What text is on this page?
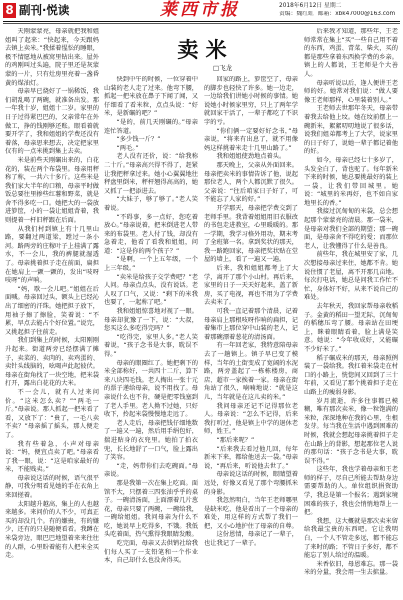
8 副刊·悦读	莱西市报	2018年6月12日 星期二
责编：魏红虹 邮箱：xbk47000@163.com
卖 米
□飞龙

天刚蒙蒙亮，母亲就把我和姐姐叫了起来：“快起来，今天跟妈去镇上卖米。”我揉着惺忪的睡眼，极不情愿地从被窝里钻出来。屋外的鸡刚叫过头遍，院子里还是灰蒙蒙的一片，只有灶房里亮着一盏昏黄的煤油灯。

母亲早已烧好了一锅稀饭，我们胡乱喝了两碗，就准备出发。那一年我十岁，姐姐十二岁。家里的日子过得紧巴巴的，父亲常年在外做工，挣的钱刚够还账。眼看着就要开学了，我和姐姐的学费还没有着落，母亲思来想去，决定把家里仅有的一点米挑到集上去卖。

米是前些天刚碾出来的，白花花的，装在两个布袋里。母亲用秤称了称，一共六十多斤。这些米是我们家大半年的口粮，母亲平时做饭总要往里掺些红薯和野菜，就是舍不得多吃一口。她把大的一袋放进箩筐，小的一袋让姐姐背着，我则提着一杆旧秤跟在后面。

从我们村到镇上有十几里山路，要翻过两道梁，蹚过一条小河。路两旁的庄稼叶子上挂满了露水，不一会儿，我的裤腿就湿透了。母亲挑着担子走在前面，扁担在她肩上一颤一颤的，发出“吱呀吱呀”的声响。

“妈，歇一会儿吧。”姐姐在后面喊。母亲回过头，额头上已经沁出了细密的汗珠。她把担子放下，用袖子擦了擦脸，笑着说：“不累，早点去能占个好位置。”说完，又挑起担子往前走。

我们到集上的时候，太阳刚刚升起来。街道两旁已经摆满了摊子，卖菜的、卖肉的、卖鸡蛋的、卖针头线脑的，吆喝声此起彼伏。母亲在街角找了一块空地，把米袋打开，露出白花花的大米。

不一会儿，就有人过来问价。“这米怎么卖？”“两毛一斤。”母亲说。那人抓起一把米看了看，又放下了：“贵了，一毛八卖不卖？”母亲摇了摇头，那人便走了。

我有些着急，小声对母亲说：“妈，便宜点卖了吧。”母亲看了我一眼，说：“这是咱家最好的米，不能贱卖。”

母亲说这话的时候，语气很平静，可我分明看见她的手在衣角上来回搓着。

太阳越升越高，集上的人也越来越多。来问价的人不少，可真正买的却没几个。有的嫌贵，有的嫌少，还有的只是随便看看。我蹲在米袋旁边，眼巴巴地望着来来往往的人群，心里盼着能有人把米全买走。

快到中午的时候，一位穿着中山装的老人走了过来。他弯下腰，抓起一把米放在鼻子下闻了闻，又仔细看了看米粒，点点头说：“好米，是新碾的吧？”

“是的，前几天刚碾的。”母亲连忙答道。

“多少钱一斤？”

“两毛。”

老人没有还价，说：“给我称二十斤。”母亲高兴得不得了，赶紧让我把秤拿过来。她小心翼翼地往秤盘里倒米，秤杆翘得高高的，她又抓了一把添进去。

“大妹子，够了够了。”老人笑着说。

“不碍事，多一点好，您吃着放心。”母亲说着，把米倒进老人带来的布袋里。老人付了钱，却没有急着走，他看了看我和姐姐，问道：“这是你的两个孩子？”

“是啊，一个上五年级，一个上三年级。”

“卖米是给孩子交学费吧？”老人问。母亲点点头，没有说话。老人叹了口气，又说：“剩下的米我也要了，一起称了吧。”

我和姐姐惊喜地对视了一眼。母亲却犹豫了一下，说：“大叔，您买这么多吃得完吗？”

“吃得完，家里人多。”老人笑着说，“孩子念书是大事，耽误不得。”

母亲的眼圈红了。她把剩下的米全部称好，一共四十二斤，算下来八块四毛钱。老人掏出一张十元的票子递给母亲，说不用找了。母亲说什么也不肯，硬是把零钱塞到了老人手里。老人拗不过她，只好收下，拎起米袋慢慢地走远了。

老人走后，母亲把钱仔细地数了一遍又一遍，然后用手绢包好，揣进贴身的衣兜里。她拍了拍衣兜，长长地舒了一口气，脸上露出了笑容。

“走，妈带你们去吃碗面。”母亲说。

那是我第一次在集上吃面。面馆不大，只摆着三四张油乎乎的桌子。一碗清汤面，上面漂着几片葱花，母亲只要了两碗，一碗给我，一碗给姐姐。我问母亲为什么不吃，她说早上吃得多，不饿。我低头吃着面，热气熏得我眼睛发酸。

吃完面，母亲又去供销社给我们每人买了一支铅笔和一个作业本，自己却什么也没舍得买。

回家的路上，箩筐空了，母亲的脚步也轻快了许多。她一边走，一边给我们讲她小时候的事情。她说她小时候家里穷，只上了两年学就回家干活了，一辈子都吃了不识字的亏。

“你们俩一定要好好念书，”母亲说，“将来有出息了，就不用像妈这样挑着米走十几里山路了。”

我和姐姐使劲地点着头。

那天晚上，父亲从外面回来。母亲把卖米的事情告诉了他，说起那位老人，两个人都沉默了很久。父亲说：“往后咱家日子好了，可不能忘了人家的好。”

开学那天，母亲把学费交到了老师手里。我背着姐姐用旧衣服改的书包走进教室，心里暖暖的。那一学期，我学习格外用功，期末考了全班第一名。拿到奖状的那天，我一路跑回家，母亲把奖状贴在堂屋的墙上，看了一遍又一遍。

后来，我和姐姐都考上了大学，离开了那个小山村。再后来，家里的日子一天天好起来，盖了新房，买了电视，再也不用为了学费去卖米了。

可我一直记着那个清晨，记着母亲肩上那根吱呀作响的扁担，记着集市上那位穿中山装的老人，记着那碗漂着葱花的清汤面。

有一年回老家，我特意陪母亲去了一趟镇上。镇子早已变了模样，当年的土街变成了宽阔的水泥路，两旁盖起了一栋栋楼房，商店、超市一家挨着一家。母亲在街角站了很久，喃喃地说：“就是这儿，当年就是在这儿卖的米。”

我问母亲还记不记得那位老人。母亲说：“怎么不记得，后来我打听过，他是镇上中学的退休老师，姓王。”

“那后来呢？”

“后来我去看过他几回，每年新米下来，都给他送去一袋。”母亲说，“再后来，听说他去世了。”

母亲说这话的时候，眼睛望着远处，好像又看见了那个弯腰抓米的身影。

我忽然明白，当年王老师哪里是缺米吃，他是看出了一个母亲的难处，用这样的方式帮了我们一把，又小心地护住了母亲的自尊。

这份恩情，母亲记了一辈子，也让我记了一辈子。

后来我才知道，那些年，王老师常常在集上“买”一些自己用不着的东西，鸡蛋、青菜、柴火，买的都是那些拿着东西换学费的乡亲。镇上的人都说，王老师是个大善人。

母亲听说以后，逢人便讲王老师的好。她常对我们说：“做人要像王老师那样，心里装着别人。”

王老师去世那年冬天，母亲带着我去给他上坟。她在坟前摆上一碗新米，絮絮叨叨地说了很多话，说我们姐弟都考上了大学，说家里的日子好了，说她一辈子都记着他的好。

如今，母亲已经七十多岁了，头发全白了，背也驼了。每年新米下来的时候，她总要挑最好的装上一袋，让我们带回城里。她说：“城里的米再好，也不如自家地里长的香。”

我接过沉甸甸的米袋，总会想起那个蒙蒙亮的清晨。那一袋米，是母亲对我们全部的期望；那一碗面，是母亲舍不得吃的爱；而那位老人，让我懂得了什么是善良。

前些年，我在城里安了家，几次想接母亲过来住，她都不肯。她说住惯了老屋，离不开那几亩地。每次打电话，她总是问我工作忙不忙，身体好不好，从来不说自己的难处。

去年秋天，我回家帮母亲收稻子。金黄的稻田一望无际，沉甸甸的稻穗压弯了腰。母亲站在田埂上，眯着眼睛看着，脸上满是笑意。她说：“今年收成好，又能碾不少好米了。”

稻子碾成米的那天，母亲照例装了一袋给我。我扛着米袋走在村口的小路上，恍惚间又回到了三十年前，又看见了那个挑着担子走在山路上的瘦弱身影。

岁月流逝，许多往事都已模糊，唯有那次卖米，像一粒饱满的米粒，深深地种在我的心里，生根发芽。每当我在生活中遇到困难的时候，我就会想起母亲挑着担子走在山路上的背影，想起那位老人说的那句话：“孩子念书是大事，耽误不得。”

这些年，我也学着母亲和王老师的样子，尽自己所能去帮助身边需要帮助的人。单位组织捐资助学，我总是第一个报名；遇到家境困难的孩子，我也会悄悄地帮上一把。

我想，这大概就是那次卖米留给我最宝贵的东西吧。它让我明白，一个人不管走多远，都不能忘了来时的路；不管日子多好，都不能忘了别人给过的温暖。

米香依旧，母恩难忘。那一袋米的分量，我会用一生去掂量。
